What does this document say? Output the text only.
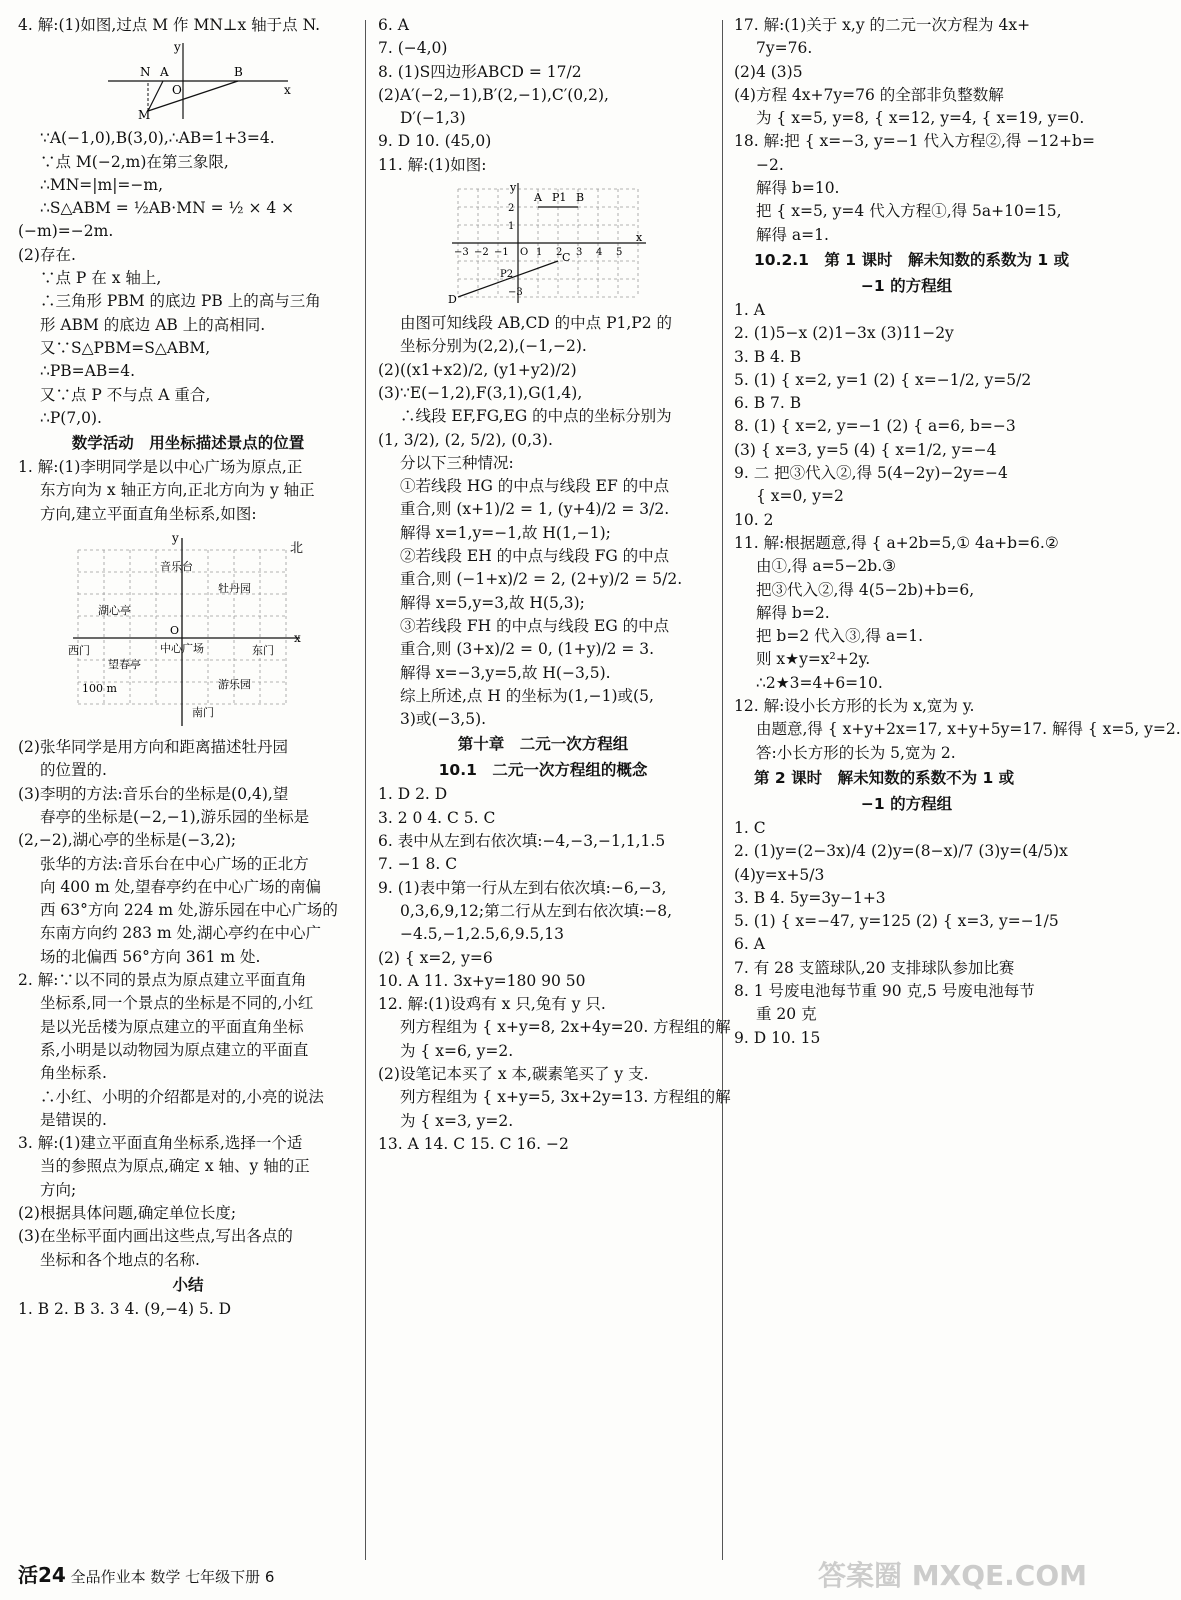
4. 解:(1)如图,过点 M 作 MN⊥x 轴于点 N.

y
N A
O
B
x
M

∵A(−1,0),B(3,0),∴AB=1+3=4.

∵点 M(−2,m)在第三象限,

∴MN=|m|=−m,

∴S△ABM = ½AB·MN = ½ × 4 ×

(−m)=−2m.

(2)存在.

∵点 P 在 x 轴上,

∴三角形 PBM 的底边 PB 上的高与三角

形 ABM 的底边 AB 上的高相同.

又∵S△PBM=S△ABM,

∴PB=AB=4.

又∵点 P 不与点 A 重合,

∴P(7,0).

数学活动　用坐标描述景点的位置

1. 解:(1)李明同学是以中心广场为原点,正

东方向为 x 轴正方向,正北方向为 y 轴正

方向,建立平面直角坐标系,如图:

y
北
音乐台
牡丹园
湖心亭
O
中心广场
x
西门	东门
望春亭
游乐园
100 m
南门

(2)张华同学是用方向和距离描述牡丹园

的位置的.

(3)李明的方法:音乐台的坐标是(0,4),望

春亭的坐标是(−2,−1),游乐园的坐标是

(2,−2),湖心亭的坐标是(−3,2);

张华的方法:音乐台在中心广场的正北方

向 400 m 处,望春亭约在中心广场的南偏

西 63°方向 224 m 处,游乐园在中心广场的

东南方向约 283 m 处,湖心亭约在中心广

场的北偏西 56°方向 361 m 处.

2. 解:∵以不同的景点为原点建立平面直角

坐标系,同一个景点的坐标是不同的,小红

是以光岳楼为原点建立的平面直角坐标

系,小明是以动物园为原点建立的平面直

角坐标系.

∴小红、小明的介绍都是对的,小亮的说法

是错误的.

3. 解:(1)建立平面直角坐标系,选择一个适

当的参照点为原点,确定 x 轴、y 轴的正

方向;

(2)根据具体问题,确定单位长度;

(3)在坐标平面内画出这些点,写出各点的

坐标和各个地点的名称.

小结

1. B 2. B 3. 3 4. (9,−4) 5. D

6. A

7. (−4,0)

8. (1)S四边形ABCD = 17/2

(2)A′(−2,−1),B′(2,−1),C′(0,2),

D′(−1,3)

9. D 10. (45,0)

11. 解:(1)如图:

y
A P1 B
2
1
−3 −2 −1 O 1 2 3 4 5
x
P2
C
−3
D

由图可知线段 AB,CD 的中点 P1,P2 的

坐标分别为(2,2),(−1,−2).

(2)((x1+x2)/2, (y1+y2)/2)

(3)∵E(−1,2),F(3,1),G(1,4),

∴线段 EF,FG,EG 的中点的坐标分别为

(1, 3/2), (2, 5/2), (0,3).

分以下三种情况:

①若线段 HG 的中点与线段 EF 的中点

重合,则 (x+1)/2 = 1, (y+4)/2 = 3/2.

解得 x=1,y=−1,故 H(1,−1);

②若线段 EH 的中点与线段 FG 的中点

重合,则 (−1+x)/2 = 2, (2+y)/2 = 5/2.

解得 x=5,y=3,故 H(5,3);

③若线段 FH 的中点与线段 EG 的中点

重合,则 (3+x)/2 = 0, (1+y)/2 = 3.

解得 x=−3,y=5,故 H(−3,5).

综上所述,点 H 的坐标为(1,−1)或(5,

3)或(−3,5).

第十章　二元一次方程组
10.1　二元一次方程组的概念

1. D 2. D

3. 2 0 4. C 5. C

6. 表中从左到右依次填:−4,−3,−1,1,1.5

7. −1 8. C

9. (1)表中第一行从左到右依次填:−6,−3,

0,3,6,9,12;第二行从左到右依次填:−8,

−4.5,−1,2.5,6,9.5,13

(2) { x=2, y=6

10. A 11. 3x+y=180 90 50

12. 解:(1)设鸡有 x 只,兔有 y 只.

列方程组为 { x+y=8, 2x+4y=20. 方程组的解

为 { x=6, y=2.

(2)设笔记本买了 x 本,碳素笔买了 y 支.

列方程组为 { x+y=5, 3x+2y=13. 方程组的解

为 { x=3, y=2.

13. A 14. C 15. C 16. −2

17. 解:(1)关于 x,y 的二元一次方程为 4x+

7y=76.

(2)4 (3)5

(4)方程 4x+7y=76 的全部非负整数解

为 { x=5, y=8, { x=12, y=4, { x=19, y=0.

18. 解:把 { x=−3, y=−1 代入方程②,得 −12+b=

−2.

解得 b=10.

把 { x=5, y=4 代入方程①,得 5a+10=15,

解得 a=1.

10.2.1　第 1 课时　解未知数的系数为 1 或
−1 的方程组

1. A

2. (1)5−x (2)1−3x (3)11−2y

3. B 4. B

5. (1) { x=2, y=1 (2) { x=−1/2, y=5/2

6. B 7. B

8. (1) { x=2, y=−1 (2) { a=6, b=−3

(3) { x=3, y=5 (4) { x=1/2, y=−4

9. 二 把③代入②,得 5(4−2y)−2y=−4

{ x=0, y=2

10. 2

11. 解:根据题意,得 { a+2b=5,① 4a+b=6.②

由①,得 a=5−2b.③

把③代入②,得 4(5−2b)+b=6,

解得 b=2.

把 b=2 代入③,得 a=1.

则 x★y=x²+2y.

∴2★3=4+6=10.

12. 解:设小长方形的长为 x,宽为 y.

由题意,得 { x+y+2x=17, x+y+5y=17. 解得 { x=5, y=2.

答:小长方形的长为 5,宽为 2.

第 2 课时　解未知数的系数不为 1 或
−1 的方程组

1. C

2. (1)y=(2−3x)/4 (2)y=(8−x)/7 (3)y=(4/5)x

(4)y=x+5/3

3. B 4. 5y=3y−1+3

5. (1) { x=−47, y=125 (2) { x=3, y=−1/5

6. A

7. 有 28 支篮球队,20 支排球队参加比赛

8. 1 号废电池每节重 90 克,5 号废电池每节

重 20 克

9. D 10. 15

活24 全品作业本 数学 七年级下册 6	答案圈 MXQE.COM
